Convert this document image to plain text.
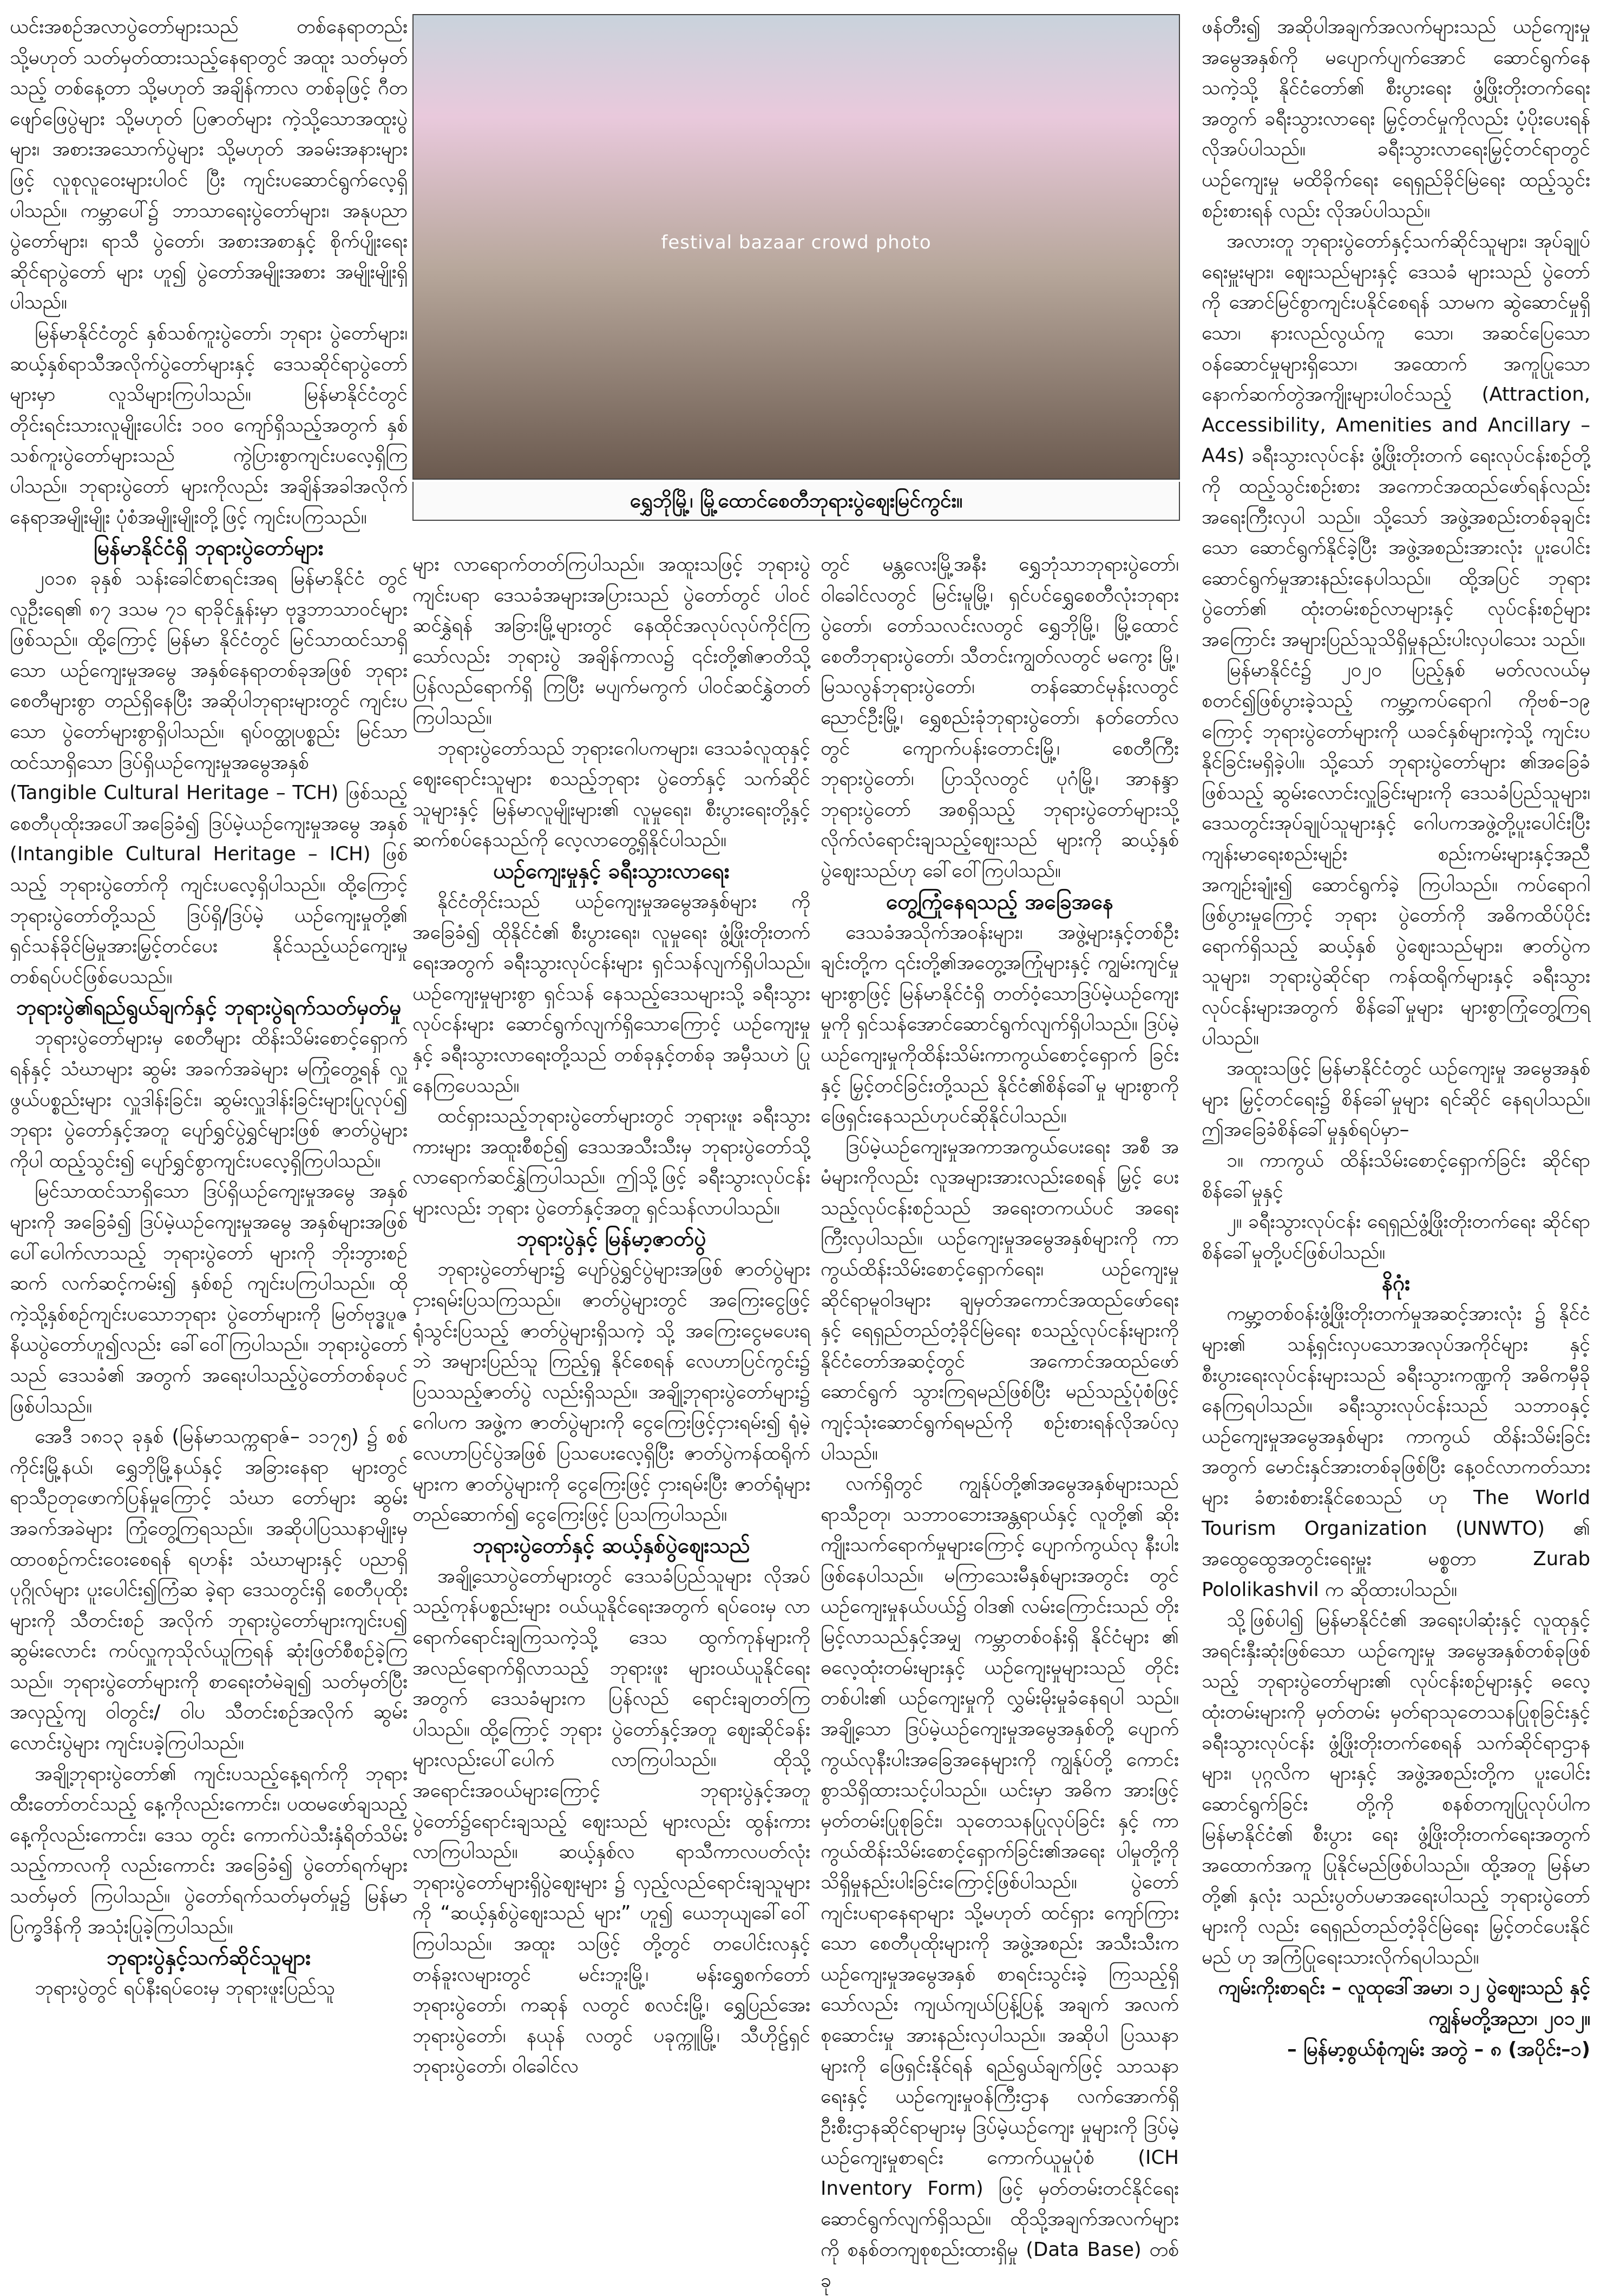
festival bazaar crowd photo
ရွှေဘိုမြို့၊ မြို့ထောင်စေတီဘုရားပွဲဈေးမြင်ကွင်း။

ယင်းအစဉ်အလာပွဲတော်များသည် တစ်နေရာတည်း သို့မဟုတ် သတ်မှတ်ထားသည့်နေရာတွင် အထူး သတ်မှတ်သည့် တစ်နေ့တာ သို့မဟုတ် အချိန်ကာလ တစ်ခုဖြင့် ဂီတဖျော်ဖြေပွဲများ သို့မဟုတ် ပြဇာတ်များ ကဲ့သို့သောအထူးပွဲများ၊ အစားအသောက်ပွဲများ သို့မဟုတ် အခမ်းအနားများဖြင့် လူစုလူဝေးများပါဝင် ပြီး ကျင်းပဆောင်ရွက်လေ့ရှိပါသည်။ ကမ္ဘာပေါ်၌ ဘာသာရေးပွဲတော်များ၊ အနုပညာပွဲတော်များ၊ ရာသီ ပွဲတော်၊ အစားအစာနှင့် စိုက်ပျိုးရေးဆိုင်ရာပွဲတော် များ ဟူ၍ ပွဲတော်အမျိုးအစား အမျိုးမျိုးရှိပါသည်။

မြန်မာနိုင်ငံတွင် နှစ်သစ်ကူးပွဲတော်၊ ဘုရား ပွဲတော်များ၊ ဆယ့်နှစ်ရာသီအလိုက်ပွဲတော်များနှင့် ဒေသဆိုင်ရာပွဲတော်များမှာ လူသိများကြပါသည်။ မြန်မာနိုင်ငံတွင် တိုင်းရင်းသားလူမျိုးပေါင်း ၁၀၀ ကျော်ရှိသည့်အတွက် နှစ်သစ်ကူးပွဲတော်များသည် ကွဲပြားစွာကျင်းပလေ့ရှိကြပါသည်။ ဘုရားပွဲတော် များကိုလည်း အချိန်အခါအလိုက် နေရာအမျိုးမျိုး ပုံစံအမျိုးမျိုးတို့ဖြင့် ကျင်းပကြသည်။

မြန်မာနိုင်ငံရှိ ဘုရားပွဲတော်များ

၂၀၁၈ ခုနှစ် သန်းခေါင်စာရင်းအရ မြန်မာနိုင်ငံ တွင် လူဦးရေ၏ ၈၇ ဒသမ ၇၁ ရာခိုင်နှုန်းမှာ ဗုဒ္ဓဘာသာဝင်များဖြစ်သည်။ ထို့ကြောင့် မြန်မာ နိုင်ငံတွင် မြင်သာထင်သာရှိသော ယဉ်ကျေးမှုအမွေ အနှစ်နေရာတစ်ခုအဖြစ် ဘုရားစေတီများစွာ တည်ရှိနေပြီး အဆိုပါဘုရားများတွင် ကျင်းပသော ပွဲတော်များစွာရှိပါသည်။ ရုပ်ဝတ္ထုပစ္စည်း မြင်သာ ထင်သာရှိသော ဒြပ်ရှိယဉ်ကျေးမှုအမွေအနှစ်

(Tangible Cultural Heritage – TCH) ဖြစ်သည့် စေတီပုထိုးအပေါ်အခြေခံ၍ ဒြပ်မဲ့ယဉ်ကျေးမှုအမွေ အနှစ် (Intangible Cultural Heritage – ICH) ဖြစ်သည့် ဘုရားပွဲတော်ကို ကျင်းပလေ့ရှိပါသည်။ ထို့ကြောင့် ဘုရားပွဲတော်တို့သည် ဒြပ်ရှိ/ဒြပ်မဲ့ ယဉ်ကျေးမှုတို့၏ ရှင်သန်ခိုင်မြဲမှုအားမြှင့်တင်ပေး နိုင်သည့်ယဉ်ကျေးမှုတစ်ရပ်ပင်ဖြစ်ပေသည်။

ဘုရားပွဲ၏ရည်ရွယ်ချက်နှင့် ဘုရားပွဲရက်သတ်မှတ်မှု

ဘုရားပွဲတော်များမှ စေတီများ ထိန်းသိမ်းစောင့်ရှောက်ရန်နှင့် သံဃာများ ဆွမ်း အခက်အခဲများ မကြုံတွေ့ရန် လှူဖွယ်ပစ္စည်းများ လှူဒါန်းခြင်း၊ ဆွမ်းလှူဒါန်းခြင်းများပြုလုပ်၍ ဘုရား ပွဲတော်နှင့်အတူ ပျော်ရွှင်ပွဲရွှင်များဖြစ် ဇာတ်ပွဲများကိုပါ ထည့်သွင်း၍ ပျော်ရွှင်စွာကျင်းပလေ့ရှိကြပါသည်။

မြင်သာထင်သာရှိသော ဒြပ်ရှိယဉ်ကျေးမှုအမွေ အနှစ်များကို အခြေခံ၍ ဒြပ်မဲ့ယဉ်ကျေးမှုအမွေ အနှစ်များအဖြစ် ပေါ်ပေါက်လာသည့် ဘုရားပွဲတော် များကို ဘိုးဘွားစဉ်ဆက် လက်ဆင့်ကမ်း၍ နှစ်စဉ် ကျင်းပကြပါသည်။ ထိုကဲ့သို့နှစ်စဉ်ကျင်းပသောဘုရား ပွဲတော်များကို မြတ်ဗုဒ္ဓပူဇနိယပွဲတော်ဟူ၍လည်း ခေါ်ဝေါ်ကြပါသည်။ ဘုရားပွဲတော်သည် ဒေသခံ၏ အတွက် အရေးပါသည့်ပွဲတော်တစ်ခုပင်ဖြစ်ပါသည်။

အေဒီ ၁၈၁၃ ခုနှစ် (မြန်မာသက္ကရာဇ်– ၁၁၇၅) ၌ စစ်ကိုင်းမြို့နယ်၊ ရွှေဘိုမြို့နယ်နှင့် အခြားနေရာ များတွင် ရာသီဥတုဖောက်ပြန်မှုကြောင့် သံဃာ တော်များ ဆွမ်းအခက်အခဲများ ကြုံတွေ့ကြရသည်။ အဆိုပါပြဿနာမျိုးမှ ထာဝစဉ်ကင်းဝေးစေရန် ရဟန်း သံဃာများနှင့် ပညာရှိပုဂ္ဂိုလ်များ ပူးပေါင်း၍ကြံဆ ခဲ့ရာ ဒေသတွင်းရှိ စေတီပုထိုးများကို သီတင်းစဉ် အလိုက် ဘုရားပွဲတော်များကျင်းပ၍ ဆွမ်းလောင်း ကပ်လှူကုသိုလ်ယူကြရန် ဆုံးဖြတ်စီစဉ်ခဲ့ကြသည်။ ဘုရားပွဲတော်များကို စာရေးတံမဲချ၍ သတ်မှတ်ပြီး အလှည့်ကျ ဝါတွင်း/ ဝါပ သီတင်းစဉ်အလိုက် ဆွမ်းလောင်းပွဲများ ကျင်းပခဲ့ကြပါသည်။

အချို့ဘုရားပွဲတော်၏ ကျင်းပသည့်နေ့ရက်ကို ဘုရားထီးတော်တင်သည့် နေ့ကိုလည်းကောင်း၊ ပထမဖော်ချသည့်နေ့ကိုလည်းကောင်း၊ ဒေသ တွင်း ကောက်ပဲသီးနှံရိတ်သိမ်းသည့်ကာလကို လည်းကောင်း အခြေခံ၍ ပွဲတော်ရက်များ သတ်မှတ် ကြပါသည်။ ပွဲတော်ရက်သတ်မှတ်မှု၌ မြန်မာ ပြက္ခဒိန်ကို အသုံးပြုခဲ့ကြပါသည်။

ဘုရားပွဲနှင့်သက်ဆိုင်သူများ

ဘုရားပွဲတွင် ရပ်နီးရပ်ဝေးမှ ဘုရားဖူးပြည်သူ

များ လာရောက်တတ်ကြပါသည်။ အထူးသဖြင့် ဘုရားပွဲကျင်းပရာ ဒေသခံအများအပြားသည် ပွဲတော်တွင် ပါဝင်ဆင်နွှဲရန် အခြားမြို့များတွင် နေထိုင်အလုပ်လုပ်ကိုင်ကြသော်လည်း ဘုရားပွဲ အချိန်ကာလ၌ ၎င်းတို့၏ဇာတိသို့ ပြန်လည်ရောက်ရှိ ကြပြီး မပျက်မကွက် ပါဝင်ဆင်နွှဲတတ်ကြပါသည်။

ဘုရားပွဲတော်သည် ဘုရားဂေါပကများ၊ ဒေသခံလူထုနှင့် ဈေးရောင်းသူများ စသည့်ဘုရား ပွဲတော်နှင့် သက်ဆိုင်သူများနှင့် မြန်မာလူမျိုးများ၏ လူမှုရေး၊ စီးပွားရေးတို့နှင့် ဆက်စပ်နေသည်ကို လေ့လာတွေ့ရှိနိုင်ပါသည်။

ယဉ်ကျေးမှုနှင့် ခရီးသွားလာရေး

နိုင်ငံတိုင်းသည် ယဉ်ကျေးမှုအမွေအနှစ်များ ကိုအခြေခံ၍ ထိုနိုင်ငံ၏ စီးပွားရေး၊ လူမှုရေး ဖွံ့ဖြိုးတိုးတက်ရေးအတွက် ခရီးသွားလုပ်ငန်းများ ရှင်သန်လျက်ရှိပါသည်။ ယဉ်ကျေးမှုများစွာ ရှင်သန် နေသည့်ဒေသများသို့ ခရီးသွားလုပ်ငန်းများ ဆောင်ရွက်လျက်ရှိသောကြောင့် ယဉ်ကျေးမှုနှင့် ခရီးသွားလာရေးတို့သည် တစ်ခုနှင့်တစ်ခု အမှီသဟဲ ပြုနေကြပေသည်။

ထင်ရှားသည့်ဘုရားပွဲတော်များတွင် ဘုရားဖူး ခရီးသွားကားများ အထူးစီစဉ်၍ ဒေသအသီးသီးမှ ဘုရားပွဲတော်သို့ လာရောက်ဆင်နွှဲကြပါသည်။ ဤသို့ဖြင့် ခရီးသွားလုပ်ငန်းများလည်း ဘုရား ပွဲတော်နှင့်အတူ ရှင်သန်လာပါသည်။

ဘုရားပွဲနှင့် မြန်မာ့ဇာတ်ပွဲ

ဘုရားပွဲတော်များ၌ ပျော်ပွဲရွှင်ပွဲများအဖြစ် ဇာတ်ပွဲများ ငှားရမ်းပြသကြသည်။ ဇာတ်ပွဲများတွင် အကြေးငွေဖြင့် ရုံသွင်းပြသည့် ဇာတ်ပွဲများရှိသကဲ့ သို့ အကြေးငွေမပေးရဘဲ အများပြည်သူ ကြည့်ရှု နိုင်စေရန် လေဟာပြင်ကွင်း၌ ပြသသည့်ဇာတ်ပွဲ လည်းရှိသည်။ အချို့ဘုရားပွဲတော်များ၌ ဂေါပက အဖွဲ့က ဇာတ်ပွဲများကို ငွေကြေးဖြင့်ငှားရမ်း၍ ရုံမဲ့လေဟာပြင်ပွဲအဖြစ် ပြသပေးလေ့ရှိပြီး ဇာတ်ပွဲကန်ထရိုက်များက ဇာတ်ပွဲများကို ငွေကြေးဖြင့် ငှားရမ်းပြီး ဇာတ်ရုံများတည်ဆောက်၍ ငွေကြေးဖြင့် ပြသကြပါသည်။

ဘုရားပွဲတော်နှင့် ဆယ့်နှစ်ပွဲဈေးသည်

အချို့သောပွဲတော်များတွင် ဒေသခံပြည်သူများ လိုအပ်သည့်ကုန်ပစ္စည်းများ ဝယ်ယူနိုင်ရေးအတွက် ရပ်ဝေးမှ လာရောက်ရောင်းချကြသကဲ့သို့ ဒေသ ထွက်ကုန်များကို အလည်ရောက်ရှိလာသည့် ဘုရားဖူး များဝယ်ယူနိုင်ရေးအတွက် ဒေသခံများက ပြန်လည် ရောင်းချတတ်ကြပါသည်။ ထို့ကြောင့် ဘုရား ပွဲတော်နှင့်အတူ ဈေးဆိုင်ခန်းများလည်းပေါ်ပေါက် လာကြပါသည်။ ထိုသို့ အရောင်းအဝယ်များကြောင့် ဘုရားပွဲနှင့်အတူ ပွဲတော်၌ရောင်းချသည့် ဈေးသည် များလည်း ထွန်းကားလာကြပါသည်။ ဆယ့်နှစ်လ ရာသီကာလပတ်လုံး ဘုရားပွဲတော်များရှိပွဲဈေးများ ၌ လှည့်လည်ရောင်းချသူများကို “ဆယ့်နှစ်ပွဲဈေးသည် များ” ဟူ၍ ယေဘုယျခေါ်ဝေါ်ကြပါသည်။ အထူး သဖြင့် တို့တွင် တပေါင်းလနှင့် တန်ခူးလများတွင် မင်းဘူးမြို့၊ မန်းရွှေစက်တော်ဘုရားပွဲတော်၊ ကဆုန် လတွင် စလင်းမြို့၊ ရွှေပြည်အေးဘုရားပွဲတော်၊ နယုန် လတွင် ပခုက္ကူမြို့၊ သီဟိုဠ်ရှင်ဘုရားပွဲတော်၊ ဝါခေါင်လ

တွင် မန္တလေးမြို့အနီး ရွှေဘုံသာဘုရားပွဲတော်၊ ဝါခေါင်လတွင် မြင်းမူမြို့၊ ရှင်ပင်ရွှေစေတီလုံးဘုရား ပွဲတော်၊ တော်သလင်းလတွင် ရွှေဘိုမြို့၊ မြို့ထောင် စေတီဘုရားပွဲတော်၊ သီတင်းကျွတ်လတွင် မကွေး မြို့၊ မြသလွန်ဘုရားပွဲတော်၊ တန်ဆောင်မုန်းလတွင် ညောင်ဦးမြို့၊ ရွှေစည်းခုံဘုရားပွဲတော်၊ နတ်တော်လ တွင် ကျောက်ပန်းတောင်းမြို့၊ စေတီကြီးဘုရားပွဲတော်၊ ပြာသိုလတွင် ပုဂံမြို့၊ အာနန္ဒာဘုရားပွဲတော် အစရှိသည့် ဘုရားပွဲတော်များသို့ လိုက်လံရောင်းချသည့်ဈေးသည် များကို ဆယ့်နှစ်ပွဲဈေးသည်ဟု ခေါ်ဝေါ်ကြပါသည်။

တွေ့ကြုံနေရသည့် အခြေအနေ

ဒေသခံအသိုက်အဝန်းများ၊ အဖွဲ့များနှင့်တစ်ဦး ချင်းတို့က ၎င်းတို့၏အတွေ့အကြုံများနှင့် ကျွမ်းကျင်မှု များစွာဖြင့် မြန်မာနိုင်ငံရှိ တတ်ဝံ့သောဒြပ်မဲ့ယဉ်ကျေး မှုကို ရှင်သန်အောင်ဆောင်ရွက်လျက်ရှိပါသည်။ ဒြပ်မဲ့ယဉ်ကျေးမှုကိုထိန်းသိမ်းကာကွယ်စောင့်ရှောက် ခြင်းနှင့် မြှင့်တင်ခြင်းတို့သည် နိုင်ငံ၏စိန်ခေါ်မှု များစွာကို ဖြေရှင်းနေသည်ဟုပင်ဆိုနိုင်ပါသည်။

ဒြပ်မဲ့ယဉ်ကျေးမှုအကာအကွယ်ပေးရေး အစီ အမံများကိုလည်း လူအများအားလည်းစေရန် မြှင့် ပေးသည့်လုပ်ငန်းစဉ်သည် အရေးတကယ်ပင် အရေး ကြီးလှပါသည်။ ယဉ်ကျေးမှုအမွေအနှစ်များကို ကာကွယ်ထိန်းသိမ်းစောင့်ရှောက်ရေး၊ ယဉ်ကျေးမှု ဆိုင်ရာမူဝါဒများ ချမှတ်အကောင်အထည်ဖော်ရေး နှင့် ရေရှည်တည်တံ့ခိုင်မြဲရေး စသည့်လုပ်ငန်းများကို နိုင်ငံတော်အဆင့်တွင် အကောင်အထည်ဖော် ဆောင်ရွက် သွားကြရမည်ဖြစ်ပြီး မည်သည့်ပုံစံဖြင့် ကျင့်သုံးဆောင်ရွက်ရမည်ကို စဉ်းစားရန်လိုအပ်လှ ပါသည်။

လက်ရှိတွင် ကျွန်ုပ်တို့၏အမွေအနှစ်များသည် ရာသီဥတု၊ သဘာဝဘေးအန္တရာယ်နှင့် လူတို့၏ ဆိုးကျိုးသက်ရောက်မှုများကြောင့် ပျောက်ကွယ်လု နီးပါးဖြစ်နေပါသည်။ မကြာသေးမီနှစ်များအတွင်း တွင် ယဉ်ကျေးမှုနယ်ပယ်၌ ဝါဒ၏ လမ်းကြောင်းသည် တိုးမြင့်လာသည်နှင့်အမျှ ကမ္ဘာတစ်ဝန်းရှိ နိုင်ငံများ ၏ ဓလေ့ထုံးတမ်းများနှင့် ယဉ်ကျေးမှုများသည် တိုင်းတစ်ပါး၏ ယဉ်ကျေးမှုကို လွှမ်းမိုးမှုခံနေရပါ သည်။ အချို့သော ဒြပ်မဲ့ယဉ်ကျေးမှုအမွေအနှစ်တို့ ပျောက်ကွယ်လုနီးပါးအခြေအနေများကို ကျွန်ုပ်တို့ ကောင်းစွာသိရှိထားသင့်ပါသည်။ ယင်းမှာ အဓိက အားဖြင့် မှတ်တမ်းပြုစုခြင်း၊ သုတေသနပြုလုပ်ခြင်း နှင့် ကာကွယ်ထိန်းသိမ်းစောင့်ရှောက်ခြင်း၏အရေး ပါမှုတို့ကို သိရှိမှုနည်းပါးခြင်းကြောင့်ဖြစ်ပါသည်။ ပွဲတော်ကျင်းပရာနေရာများ သို့မဟုတ် ထင်ရှား ကျော်ကြားသော စေတီပုထိုးများကို အဖွဲ့အစည်း အသီးသီးက ယဉ်ကျေးမှုအမွေအနှစ် စာရင်းသွင်းခဲ့ ကြသည့်ရှိသော်လည်း ကျယ်ကျယ်ပြန့်ပြန့် အချက် အလက်စုဆောင်းမှု အားနည်းလှပါသည်။ အဆိုပါ ပြဿနာများကို ဖြေရှင်းနိုင်ရန် ရည်ရွယ်ချက်ဖြင့် သာသနာရေးနှင့် ယဉ်ကျေးမှုဝန်ကြီးဌာန လက်အောက်ရှိ ဦးစီးဌာနဆိုင်ရာများမှ ဒြပ်မဲ့ယဉ်ကျေး မှုများကို ဒြပ်မဲ့ယဉ်ကျေးမှုစာရင်း ကောက်ယူမှုပုံစံ (ICH Inventory Form) ဖြင့် မှတ်တမ်းတင်နိုင်ရေး ဆောင်ရွက်လျက်ရှိသည်။ ထိုသို့အချက်အလက်များ ကို စနစ်တကျစုစည်းထားရှိမှု (Data Base) တစ်ခု

ဖန်တီး၍ အဆိုပါအချက်အလက်များသည် ယဉ်ကျေးမှုအမွေအနှစ်ကို မပျောက်ပျက်အောင် ဆောင်ရွက်နေသကဲ့သို့ နိုင်ငံတော်၏ စီးပွားရေး ဖွံ့ဖြိုးတိုးတက်ရေးအတွက် ခရီးသွားလာရေး မြှင့်တင်မှုကိုလည်း ပံ့ပိုးပေးရန် လိုအပ်ပါသည်။ ခရီးသွားလာရေးမြှင့်တင်ရာတွင် ယဉ်ကျေးမှု မထိခိုက်ရေး ရေရှည်ခိုင်မြဲရေး ထည့်သွင်းစဉ်းစားရန် လည်း လိုအပ်ပါသည်။

အလားတူ ဘုရားပွဲတော်နှင့်သက်ဆိုင်သူများ၊ အုပ်ချုပ်ရေးမှူးများ၊ ဈေးသည်များနှင့် ဒေသခံ များသည် ပွဲတော်ကို အောင်မြင်စွာကျင်းပနိုင်စေရန် သာမက ဆွဲဆောင်မှုရှိသော၊ နားလည်လွယ်ကူ သော၊ အဆင်ပြေသောဝန်ဆောင်မှုများရှိသော၊ အထောက် အကူပြုသော နောက်ဆက်တွဲအကျိုးများပါဝင်သည့် (Attraction, Accessibility, Amenities and Ancillary – A4s) ခရီးသွားလုပ်ငန်း ဖွံ့ဖြိုးတိုးတက် ရေးလုပ်ငန်းစဉ်တို့ကို ထည့်သွင်းစဉ်းစား အကောင်အထည်ဖော်ရန်လည်း အရေးကြီးလှပါ သည်။ သို့သော် အဖွဲ့အစည်းတစ်ခုချင်းသော ဆောင်ရွက်နိုင်ခဲ့ပြီး အဖွဲ့အစည်းအားလုံး ပူးပေါင်း ဆောင်ရွက်မှုအားနည်းနေပါသည်။ ထို့အပြင် ဘုရား ပွဲတော်၏ ထုံးတမ်းစဉ်လာများနှင့် လုပ်ငန်းစဉ်များ အကြောင်း အများပြည်သူသိရှိမှုနည်းပါးလှပါသေး သည်။

မြန်မာနိုင်ငံ၌ ၂၀၂၀ ပြည့်နှစ် မတ်လလယ်မှ စတင်၍ဖြစ်ပွားခဲ့သည့် ကမ္ဘာ့ကပ်ရောဂါ ကိုဗစ်–၁၉ ကြောင့် ဘုရားပွဲတော်များကို ယခင်နှစ်များကဲ့သို့ ကျင်းပနိုင်ခြင်းမရှိခဲ့ပါ။ သို့သော် ဘုရားပွဲတော်များ ၏အခြေခံဖြစ်သည့် ဆွမ်းလောင်းလှူခြင်းများကို ဒေသခံပြည်သူများ၊ ဒေသတွင်းအုပ်ချုပ်သူများနှင့် ဂေါပကအဖွဲ့တို့ပူးပေါင်းပြီး ကျန်းမာရေးစည်းမျဉ်း စည်းကမ်းများနှင့်အညီ အကျဉ်းချုံး၍ ဆောင်ရွက်ခဲ့ ကြပါသည်။ ကပ်ရောဂါဖြစ်ပွားမှုကြောင့် ဘုရား ပွဲတော်ကို အဓိကထိပ်ပိုင်းရောက်ရှိသည့် ဆယ့်နှစ် ပွဲဈေးသည်များ၊ ဇာတ်ပွဲကသူများ၊ ဘုရားပွဲဆိုင်ရာ ကန်ထရိုက်များနှင့် ခရီးသွားလုပ်ငန်းများအတွက် စိန်ခေါ်မှုများ များစွာကြုံတွေ့ကြရပါသည်။

အထူးသဖြင့် မြန်မာနိုင်ငံတွင် ယဉ်ကျေးမှု အမွေအနှစ်များ မြှင့်တင်ရေး၌ စိန်ခေါ်မှုများ ရင်ဆိုင် နေရပါသည်။ ဤအခြေခံစိန်ခေါ်မှုနှစ်ရပ်မှာ–

၁။ ကာကွယ် ထိန်းသိမ်းစောင့်ရှောက်ခြင်း ဆိုင်ရာစိန်ခေါ်မှုနှင့်

၂။ ခရီးသွားလုပ်ငန်း ရေရှည်ဖွံ့ဖြိုးတိုးတက်ရေး ဆိုင်ရာ စိန်ခေါ်မှုတို့ပင်ဖြစ်ပါသည်။

နိဂုံး

ကမ္ဘာ့တစ်ဝန်းဖွံ့ဖြိုးတိုးတက်မှုအဆင့်အားလုံး ၌ နိုင်ငံများ၏ သန့်ရှင်းလှပသောအလုပ်အကိုင်များ နှင့် စီးပွားရေးလုပ်ငန်းများသည် ခရီးသွားကဏ္ဍကို အဓိကမှီခိုနေကြရပါသည်။ ခရီးသွားလုပ်ငန်းသည် သဘာဝနှင့် ယဉ်ကျေးမှုအမွေအနှစ်များ ကာကွယ် ထိန်းသိမ်းခြင်းအတွက် မောင်းနှင်အားတစ်ခုဖြစ်ပြီး နေ့ဝင်လာကတ်သားများ ခံစားစံစားနိုင်စေသည် ဟု The World Tourism Organization (UNWTO) ၏ အထွေထွေအတွင်းရေးမှူး မစ္စတာ Zurab Pololikashvil က ဆိုထားပါသည်။

သို့ဖြစ်ပါ၍ မြန်မာနိုင်ငံ၏ အရေးပါဆုံးနှင့် လူထုနှင့် အရင်းနှီးဆုံးဖြစ်သော ယဉ်ကျေးမှု အမွေအနှစ်တစ်ခုဖြစ်သည့် ဘုရားပွဲတော်များ၏ လုပ်ငန်းစဉ်များနှင့် ဓလေ့ထုံးတမ်းများကို မှတ်တမ်း မှတ်ရာသုတေသနပြုစုခြင်းနှင့် ခရီးသွားလုပ်ငန်း ဖွံ့ဖြိုးတိုးတက်စေရန် သက်ဆိုင်ရာဌာနများ၊ ပုဂ္ဂလိက များနှင့် အဖွဲ့အစည်းတို့က ပူးပေါင်းဆောင်ရွက်ခြင်း တို့ကို စနစ်တကျပြုလုပ်ပါက မြန်မာနိုင်ငံ၏ စီးပွား ရေး ဖွံ့ဖြိုးတိုးတက်ရေးအတွက် အထောက်အကူ ပြုနိုင်မည်ဖြစ်ပါသည်။ ထို့အတူ မြန်မာတို့၏ နှလုံး သည်းပွတ်ပမာအရေးပါသည့် ဘုရားပွဲတော်များကို လည်း ရေရှည်တည်တံ့ခိုင်မြဲရေး မြှင့်တင်ပေးနိုင်မည် ဟု အကြံပြုရေးသားလိုက်ရပါသည်။

ကျမ်းကိုးစာရင်း – လူထုဒေါ်အမာ၊ ၁၂ ပွဲဈေးသည် နှင့် ကျွန်မတို့အညာ၊ ၂၀၁၂။

– မြန်မာ့စွယ်စုံကျမ်း အတွဲ – ၈ (အပိုင်း–၁)
